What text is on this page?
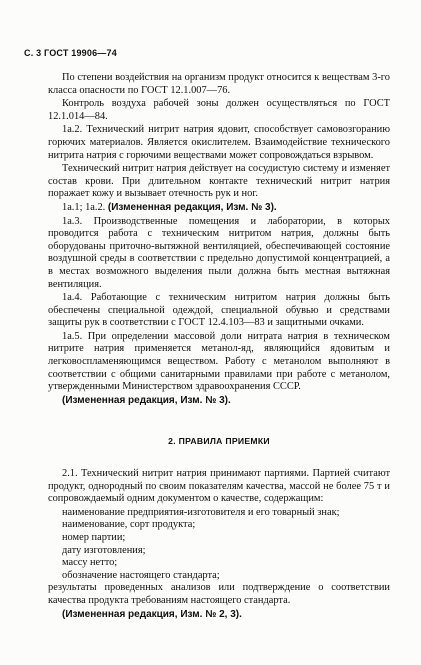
С. 3 ГОСТ 19906—74

По степени воздействия на организм продукт относится к веществам 3-го класса опасности по ГОСТ 12.1.007—76.

Контроль воздуха рабочей зоны должен осуществляться по ГОСТ 12.1.014—84.

1а.2. Технический нитрит натрия ядовит, способствует самовозгоранию горючих материалов. Является окислителем. Взаимодействие технического нитрита натрия с горючими веществами может сопровождаться взрывом.

Технический нитрит натрия действует на сосудистую систему и изменяет состав крови. При длительном контакте технический нитрит натрия поражает кожу и вызывает отечность рук и ног.

1а.1; 1а.2. (Измененная редакция, Изм. № 3).

1а.3. Производственные помещения и лаборатории, в которых проводится работа с техническим нитритом натрия, должны быть оборудованы приточно-вытяжной вентиляцией, обеспечивающей состояние воздушной среды в соответствии с предельно допустимой концентрацией, а в местах возможного выделения пыли должна быть местная вытяжная вентиляция.

1а.4. Работающие с техническим нитритом натрия должны быть обеспечены специальной одеждой, специальной обувью и средствами защиты рук в соответствии с ГОСТ 12.4.103—83 и защитными очками.

1а.5. При определении массовой доли нитрата натрия в техническом нитрите натрия применяется метанол-яд, являющийся ядовитым и легковоспламеняющимся веществом. Работу с метанолом выполняют в соответствии с общими санитарными правилами при работе с метанолом, утвержденными Министерством здравоохранения СССР.

(Измененная редакция, Изм. № 3).

2. ПРАВИЛА ПРИЕМКИ

2.1. Технический нитрит натрия принимают партиями. Партией считают продукт, однородный по своим показателям качества, массой не более 75 т и сопровождаемый одним документом о качестве, содержащим:

наименование предприятия-изготовителя и его товарный знак;

наименование, сорт продукта;

номер партии;

дату изготовления;

массу нетто;

обозначение настоящего стандарта;

результаты проведенных анализов или подтверждение о соответствии качества продукта требованиям настоящего стандарта.

(Измененная редакция, Изм. № 2, 3).
